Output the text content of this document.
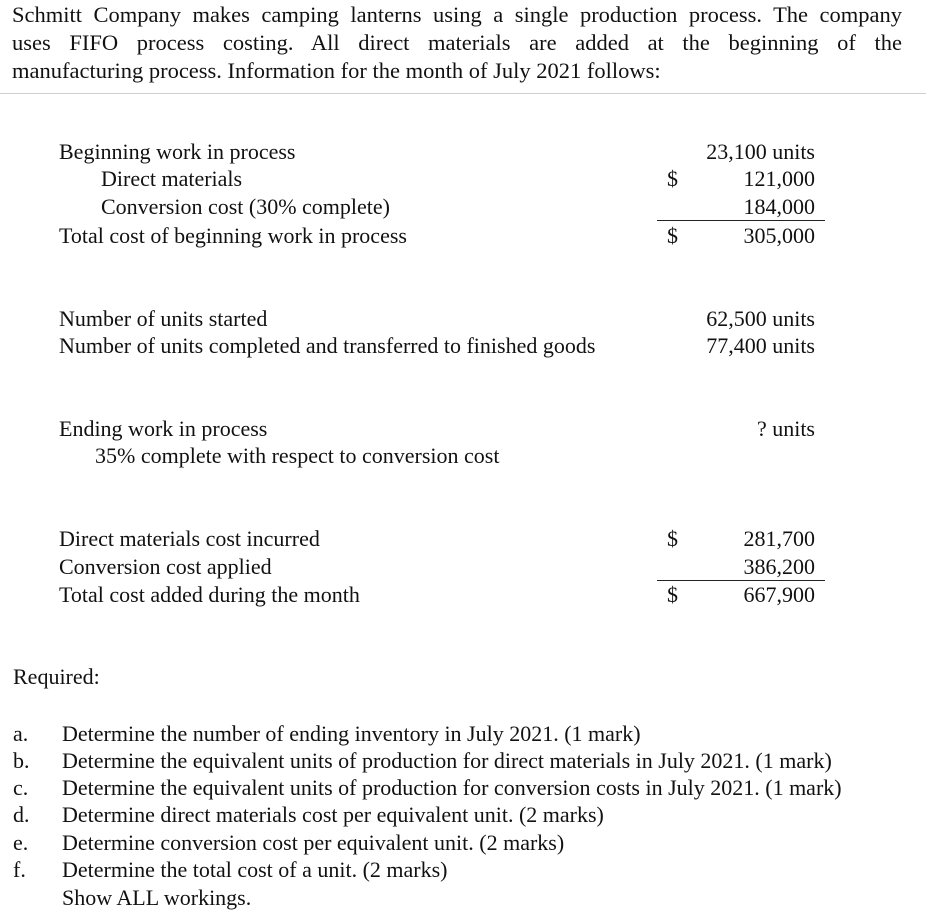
Schmitt Company makes camping lanterns using a single production process. The company
uses FIFO process costing. All direct materials are added at the beginning of the
manufacturing process. Information for the month of July 2021 follows:
Beginning work in process	23,100 units
Direct materials	$	121,000
Conversion cost (30% complete)	184,000
Total cost of beginning work in process	$	305,000
Number of units started	62,500 units
Number of units completed and transferred to finished goods	77,400 units
Ending work in process	? units
35% complete with respect to conversion cost
Direct materials cost incurred	$	281,700
Conversion cost applied	386,200
Total cost added during the month	$	667,900
Required:
a.	Determine the number of ending inventory in July 2021. (1 mark)
b.	Determine the equivalent units of production for direct materials in July 2021. (1 mark)
c.	Determine the equivalent units of production for conversion costs in July 2021. (1 mark)
d.	Determine direct materials cost per equivalent unit. (2 marks)
e.	Determine conversion cost per equivalent unit. (2 marks)
f.	Determine the total cost of a unit. (2 marks)
Show ALL workings.
